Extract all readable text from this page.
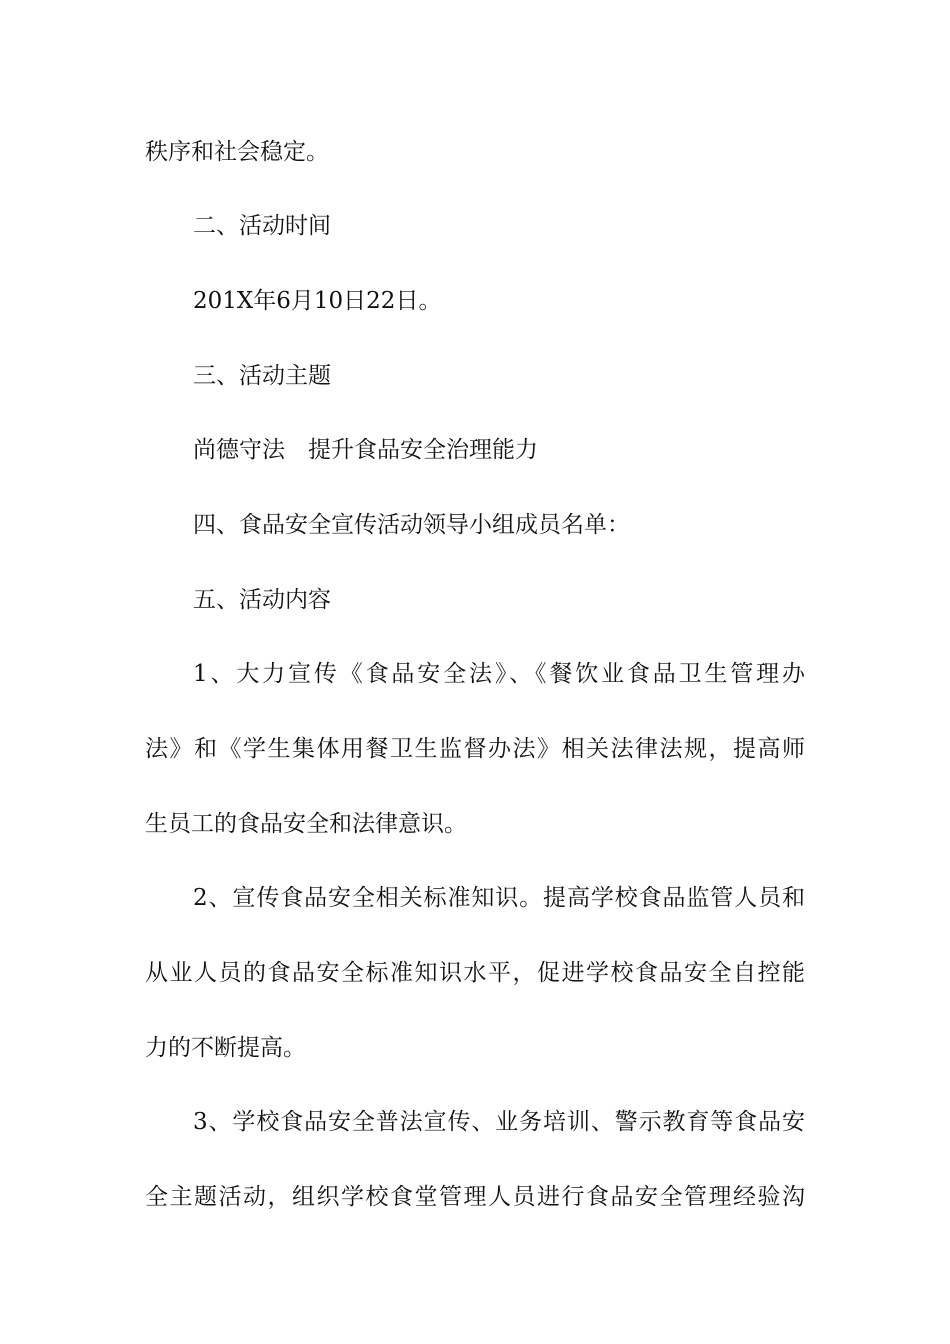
秩序和社会稳定。
二、活动时间
201X年6月10日22日。
三、活动主题
尚德守法　提升食品安全治理能力
四、食品安全宣传活动领导小组成员名单：
五、活动内容
1、大力宣传《食品安全法》、《餐饮业食品卫生管理办
法》和《学生集体用餐卫生监督办法》相关法律法规，提高师
生员工的食品安全和法律意识。
2、宣传食品安全相关标准知识。提高学校食品监管人员和
从业人员的食品安全标准知识水平，促进学校食品安全自控能
力的不断提高。
3、学校食品安全普法宣传、业务培训、警示教育等食品安
全主题活动，组织学校食堂管理人员进行食品安全管理经验沟
